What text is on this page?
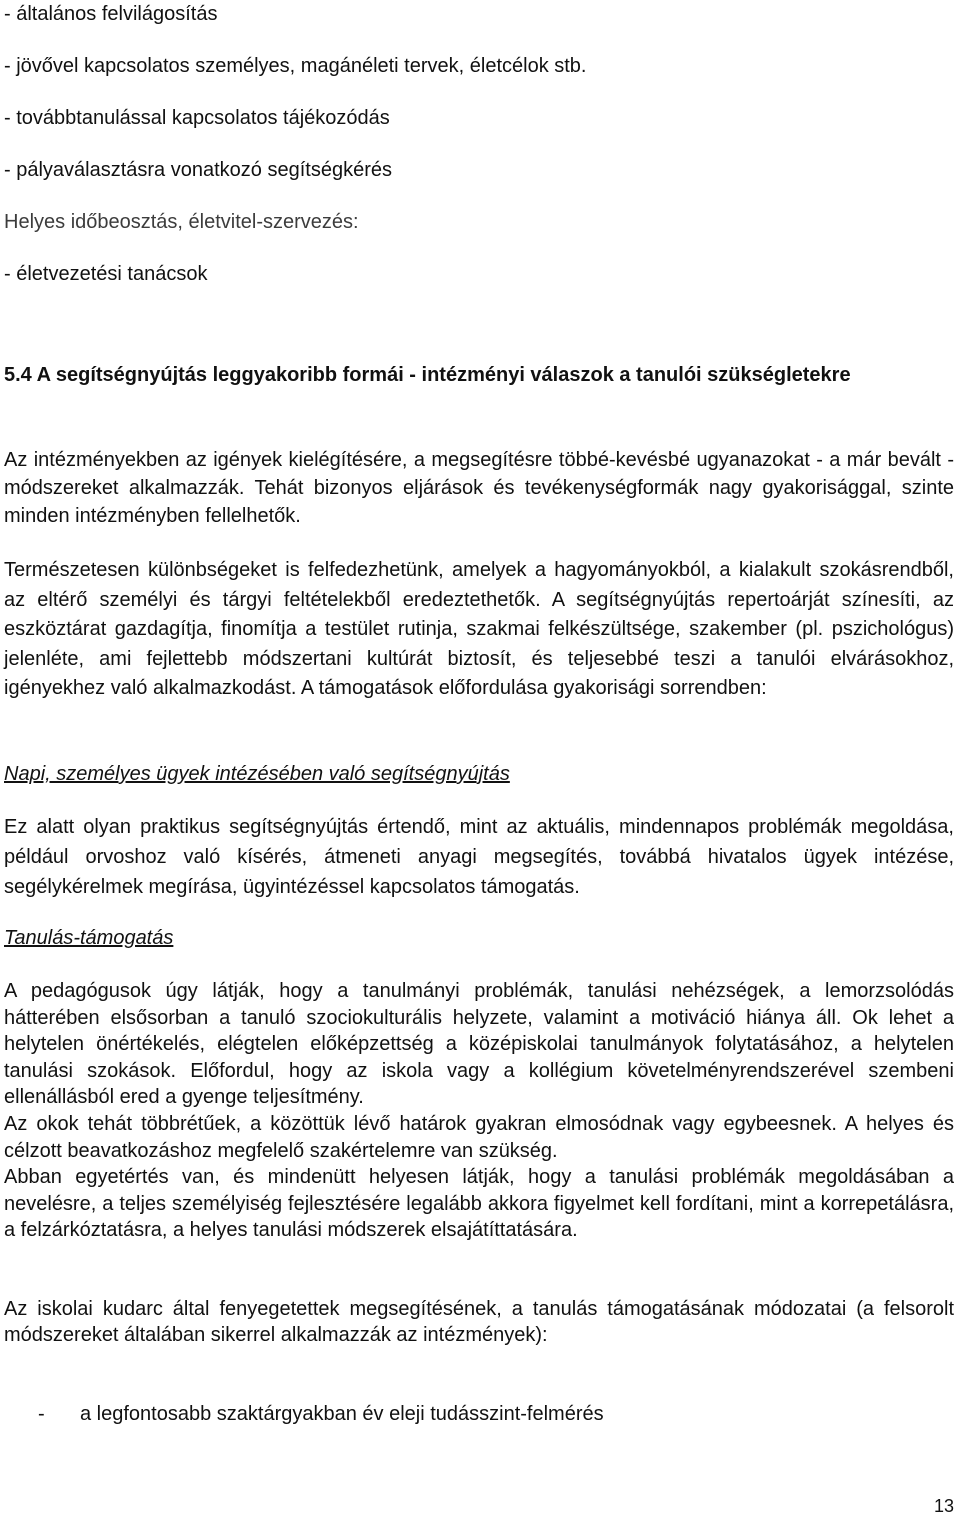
- általános felvilágosítás
- jövővel kapcsolatos személyes, magánéleti tervek, életcélok stb.
- továbbtanulással kapcsolatos tájékozódás
- pályaválasztásra vonatkozó segítségkérés
Helyes időbeosztás, életvitel-szervezés:
- életvezetési tanácsok
5.4 A segítségnyújtás leggyakoribb formái - intézményi válaszok a tanulói szükségletekre
Az intézményekben az igények kielégítésére, a megsegítésre többé-kevésbé ugyanazokat - a már bevált - módszereket alkalmazzák. Tehát bizonyos eljárások és tevékenységformák nagy gyakorisággal, szinte minden intézményben fellelhetők.
Természetesen különbségeket is felfedezhetünk, amelyek a hagyományokból, a kialakult szokásrendből, az eltérő személyi és tárgyi feltételekből eredeztethetők. A segítségnyújtás repertoárját színesíti, az eszköztárat gazdagítja, finomítja a testület rutinja, szakmai felkészültsége, szakember (pl. pszichológus) jelenléte, ami fejlettebb módszertani kultúrát biztosít, és teljesebbé teszi a tanulói elvárásokhoz, igényekhez való alkalmazkodást. A támogatások előfordulása gyakorisági sorrendben:
Napi, személyes ügyek intézésében való segítségnyújtás
Ez alatt olyan praktikus segítségnyújtás értendő, mint az aktuális, mindennapos problémák megoldása, például orvoshoz való kísérés, átmeneti anyagi megsegítés, továbbá hivatalos ügyek intézése, segélykérelmek megírása, ügyintézéssel kapcsolatos támogatás.
Tanulás-támogatás

A pedagógusok úgy látják, hogy a tanulmányi problémák, tanulási nehézségek, a lemorzsolódás hátterében elsősorban a tanuló szociokulturális helyzete, valamint a motiváció hiánya áll. Ok lehet a helytelen önértékelés, elégtelen előképzettség a középiskolai tanulmányok folytatásához, a helytelen tanulási szokások. Előfordul, hogy az iskola vagy a kollégium követelményrendszerével szembeni ellenállásból ered a gyenge teljesítmény.

Az okok tehát többrétűek, a közöttük lévő határok gyakran elmosódnak vagy egybeesnek. A helyes és célzott beavatkozáshoz megfelelő szakértelemre van szükség.

Abban egyetértés van, és mindenütt helyesen látják, hogy a tanulási problémák megoldásában a nevelésre, a teljes személyiség fejlesztésére legalább akkora figyelmet kell fordítani, mint a korrepetálásra, a felzárkóztatásra, a helyes tanulási módszerek elsajátíttatására.

Az iskolai kudarc által fenyegetettek megsegítésének, a tanulás támogatásának módozatai (a felsorolt módszereket általában sikerrel alkalmazzák az intézmények):
- a legfontosabb szaktárgyakban év eleji tudásszint-felmérés
13
